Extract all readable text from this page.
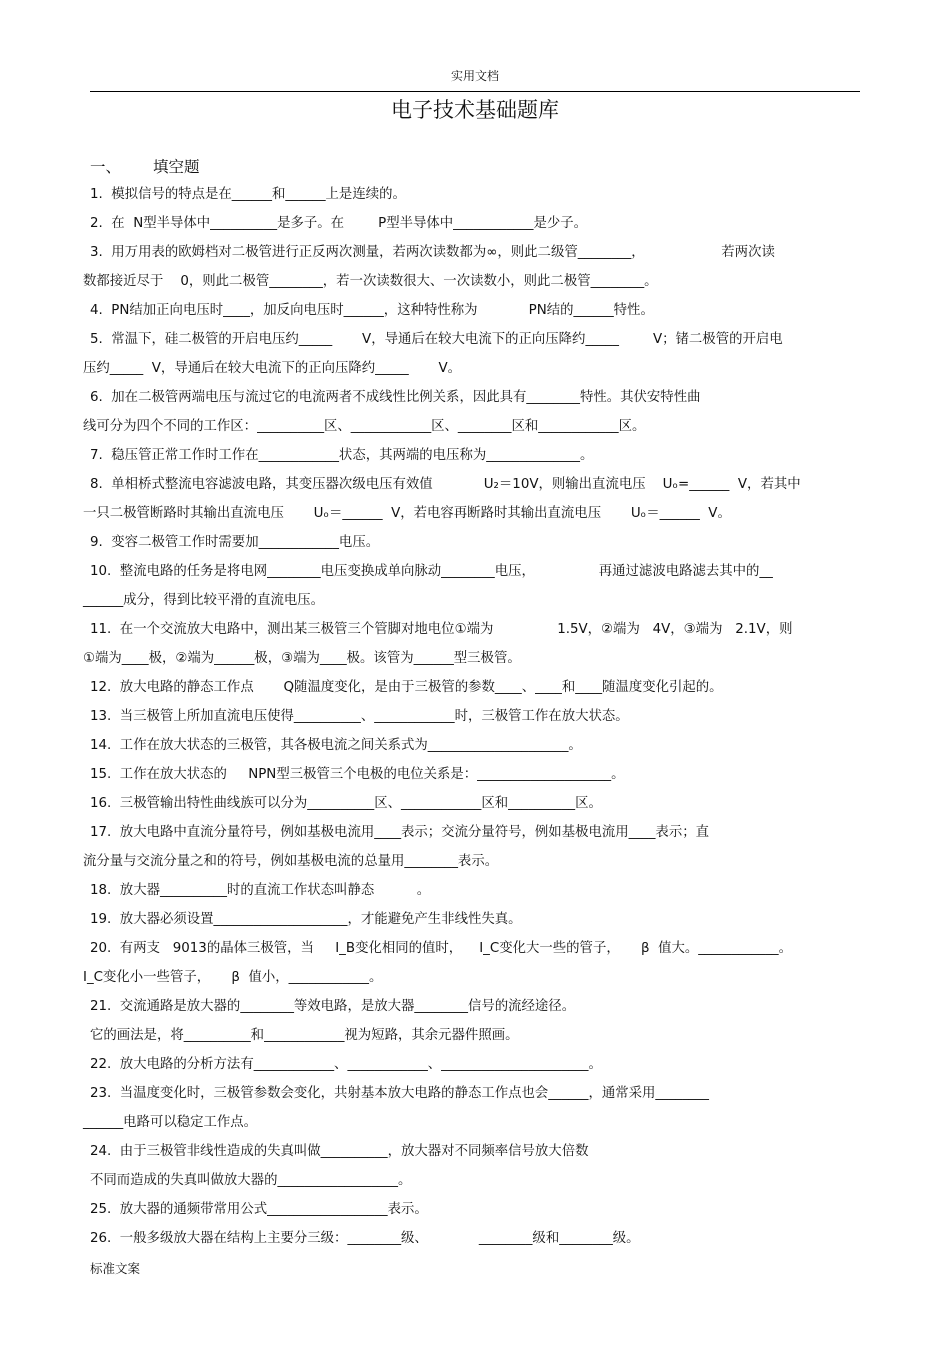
实用文档
电子技术基础题库
一、 填空题
1.  模拟信号的特点是在______和______上是连续的。
2.  在  N型半导体中__________是多子。在        P型半导体中____________是少子。
3.  用万用表的欧姆档对二极管进行正反两次测量，若两次读数都为∞，则此二级管________，                  若两次读
数都接近尽于    0，则此二极管________，若一次读数很大、一次读数小，则此二极管________。
4.  PN结加正向电压时____，加反向电压时______，这种特性称为            PN结的______特性。
5.  常温下，硅二极管的开启电压约_____       V，导通后在较大电流下的正向压降约_____        V；锗二极管的开启电
压约_____  V，导通后在较大电流下的正向压降约_____       V。
6.  加在二极管两端电压与流过它的电流两者不成线性比例关系，因此具有________特性。其伏安特性曲
线可分为四个不同的工作区：__________区、____________区、________区和____________区。
7.  稳压管正常工作时工作在____________状态，其两端的电压称为______________。
8.  单相桥式整流电容滤波电路，其变压器次级电压有效值            U₂＝10V，则输出直流电压    Uₒ=______  V，若其中
一只二极管断路时其输出直流电压       Uₒ＝______  V，若电容再断路时其输出直流电压       Uₒ＝______  V。
9.  变容二极管工作时需要加____________电压。
10.  整流电路的任务是将电网________电压变换成单向脉动________电压，               再通过滤波电路滤去其中的__
______成分，得到比较平滑的直流电压。
11.  在一个交流放大电路中，测出某三极管三个管脚对地电位①端为               1.5V，②端为   4V，③端为   2.1V，则
①端为____极，②端为______极，③端为____极。该管为______型三极管。
12.  放大电路的静态工作点       Q随温度变化，是由于三极管的参数____、____和____随温度变化引起的。
13.  当三极管上所加直流电压使得__________、____________时，三极管工作在放大状态。
14.  工作在放大状态的三极管，其各极电流之间关系式为_____________________。
15.  工作在放大状态的     NPN型三极管三个电极的电位关系是：____________________。
16.  三极管输出特性曲线族可以分为__________区、____________区和__________区。
17.  放大电路中直流分量符号，例如基极电流用____表示；交流分量符号，例如基极电流用____表示；直
流分量与交流分量之和的符号，例如基极电流的总量用________表示。
18.  放大器__________时的直流工作状态叫静态          。
19.  放大器必须设置____________________，才能避免产生非线性失真。
20.  有两支   9013的晶体三极管，当     I_B变化相同的值时，    I_C变化大一些的管子，     β  值大。____________。
I_C变化小一些管子，     β  值小，____________。
21.  交流通路是放大器的________等效电路，是放大器________信号的流经途径。
它的画法是，将__________和____________视为短路，其余元器件照画。
22.  放大电路的分析方法有____________、____________、______________________。
23.  当温度变化时，三极管参数会变化，共射基本放大电路的静态工作点也会______，通常采用________
______电路可以稳定工作点。
24.  由于三极管非线性造成的失真叫做__________，放大器对不同频率信号放大倍数
不同而造成的失真叫做放大器的__________________。
25.  放大器的通频带常用公式__________________表示。
26.  一般多级放大器在结构上主要分三级：________级、            ________级和________级。
标准文案
